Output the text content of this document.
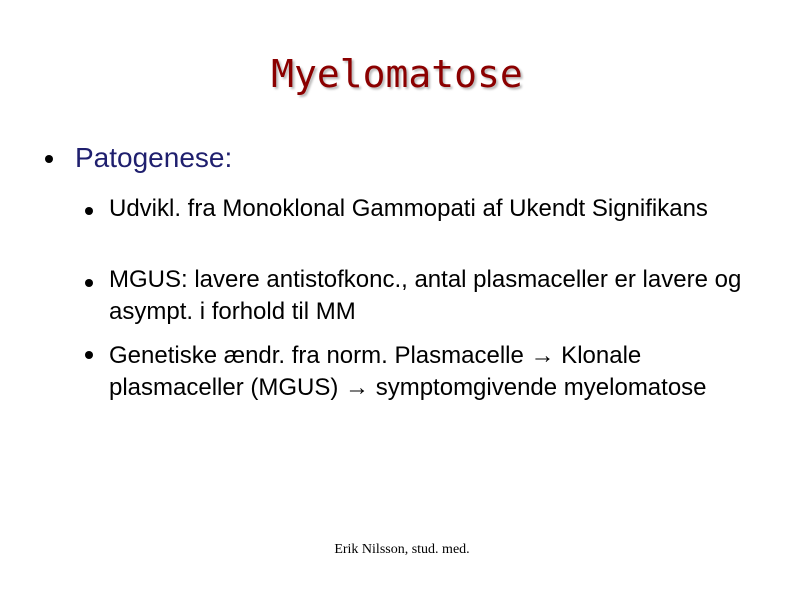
Myelomatose
Patogenese:
Udvikl. fra Monoklonal Gammopati af Ukendt Signifikans
MGUS: lavere antistofkonc., antal plasmaceller er lavere og asympt. i forhold til MM
Genetiske ændr. fra norm. Plasmacelle → Klonale plasmaceller (MGUS) → symptomgivende myelomatose
Erik Nilsson, stud. med.
